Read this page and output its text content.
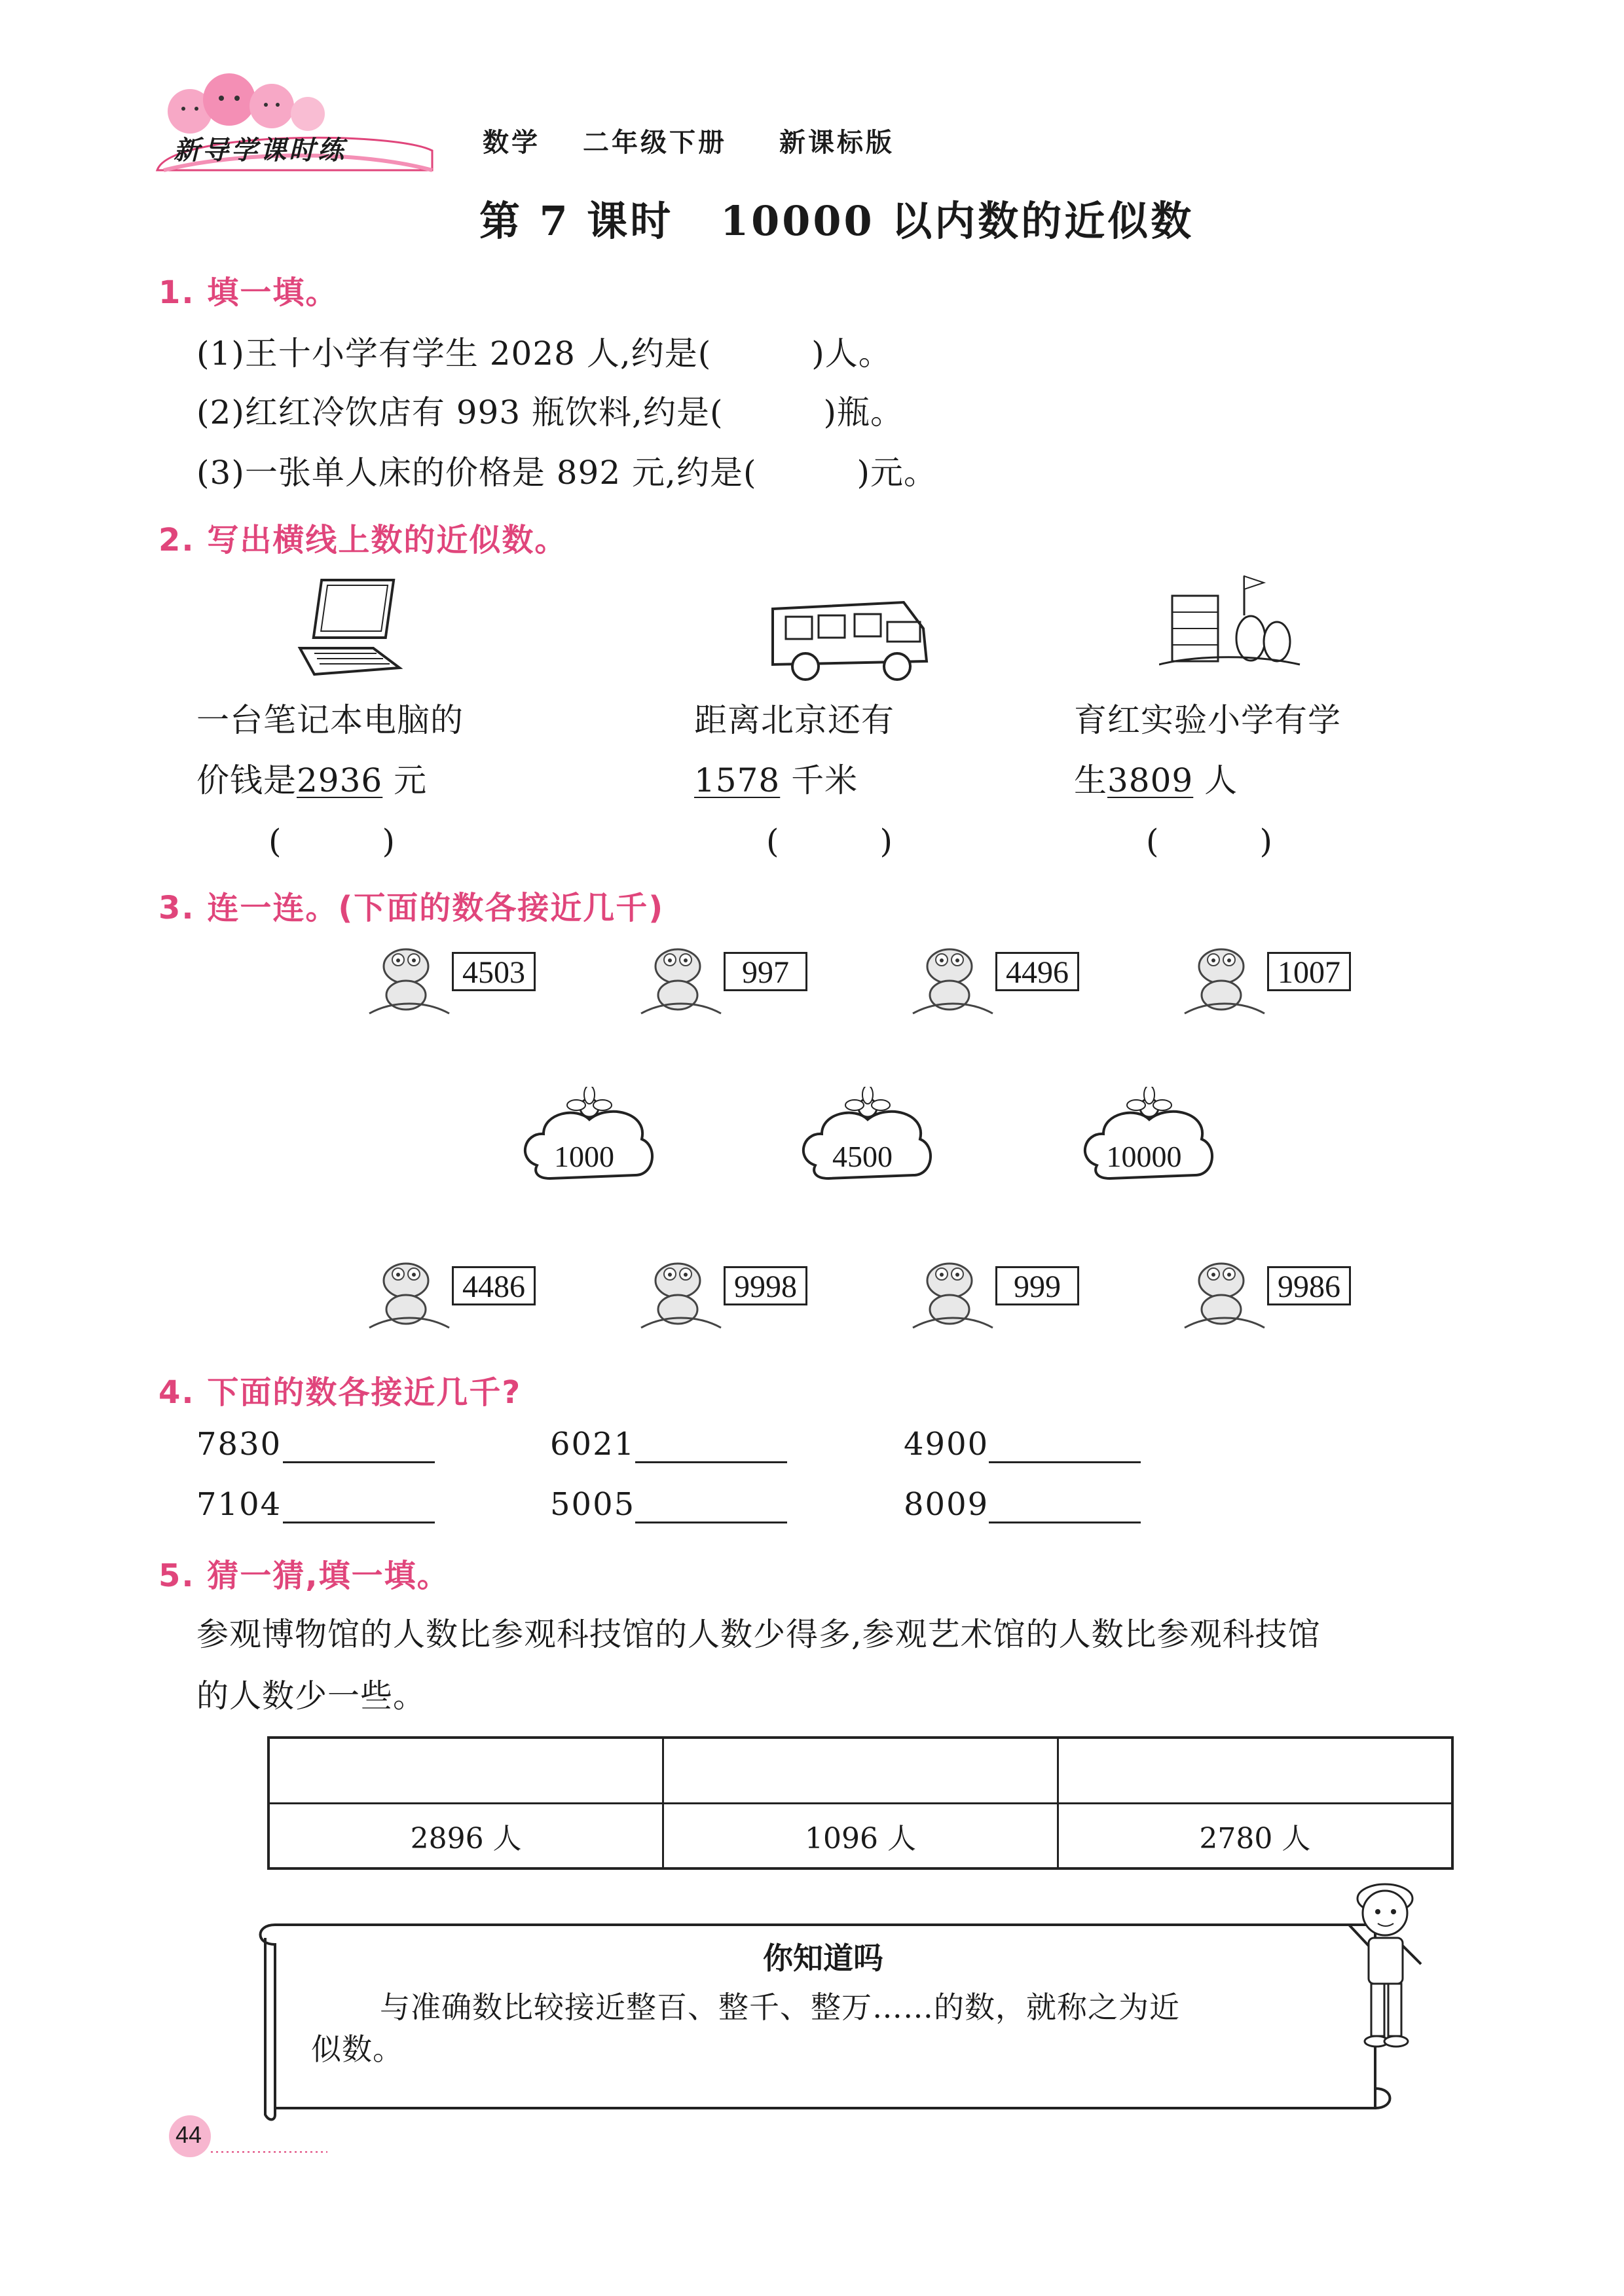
新导学课时练	数学 二年级下册 新课标版
第 7 课时 10000 以内数的近似数
1. 填一填。
(1)王十小学有学生 2028 人,约是(　　　)人。
(2)红红冷饮店有 993 瓶饮料,约是(　　　)瓶。
(3)一张单人床的价格是 892 元,约是(　　　)元。
2. 写出横线上数的近似数。
一台笔记本电脑的
价钱是2936 元
(　　　)
距离北京还有
1578 千米
(　　　)
育红实验小学有学
生3809 人
(　　　)
3. 连一连。(下面的数各接近几千)
4503	997	4496	1007
1000	4500	10000
4486	9998	999	9986
4. 下面的数各接近几千?
7830	6021	4900
7104	5005	8009
5. 猜一猜,填一填。
参观博物馆的人数比参观科技馆的人数少得多,参观艺术馆的人数比参观科技馆
的人数少一些。

2896 人	1096 人	2780 人
你知道吗
与准确数比较接近整百、整千、整万……的数，就称之为近
似数。
44
